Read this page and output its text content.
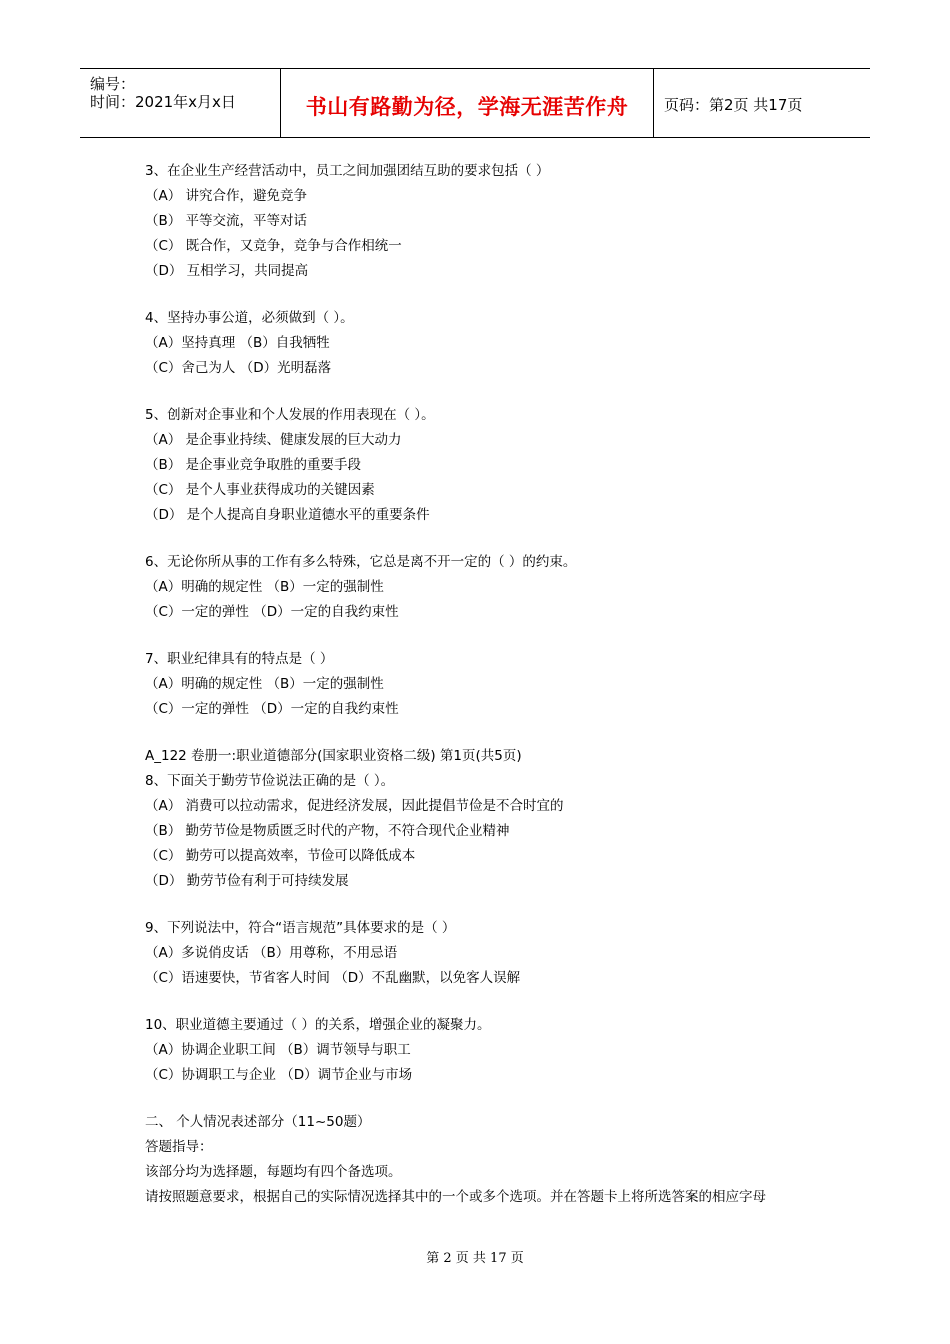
编号：
时间：2021年x月x日	书山有路勤为径，学海无涯苦作舟	页码：第2页 共17页
3、在企业生产经营活动中，员工之间加强团结互助的要求包括（ ）
（A） 讲究合作，避免竞争
（B） 平等交流，平等对话
（C） 既合作，又竞争，竞争与合作相统一
（D） 互相学习，共同提高
4、坚持办事公道，必须做到（ ）。
（A）坚持真理 （B）自我牺牲
（C）舍己为人 （D）光明磊落
5、创新对企事业和个人发展的作用表现在（ ）。
（A） 是企事业持续、健康发展的巨大动力
（B） 是企事业竞争取胜的重要手段
（C） 是个人事业获得成功的关键因素
（D） 是个人提高自身职业道德水平的重要条件
6、无论你所从事的工作有多么特殊，它总是离不开一定的（ ）的约束。
（A）明确的规定性 （B）一定的强制性
（C）一定的弹性 （D）一定的自我约束性
7、职业纪律具有的特点是（ ）
（A）明确的规定性 （B）一定的强制性
（C）一定的弹性 （D）一定的自我约束性
A_122 卷册一:职业道德部分(国家职业资格二级) 第1页(共5页)
8、下面关于勤劳节俭说法正确的是（ ）。
（A） 消费可以拉动需求，促进经济发展，因此提倡节俭是不合时宜的
（B） 勤劳节俭是物质匮乏时代的产物，不符合现代企业精神
（C） 勤劳可以提高效率，节俭可以降低成本
（D） 勤劳节俭有利于可持续发展
9、下列说法中，符合“语言规范”具体要求的是（ ）
（A）多说俏皮话 （B）用尊称，不用忌语
（C）语速要快，节省客人时间 （D）不乱幽默，以免客人误解
10、职业道德主要通过（ ）的关系，增强企业的凝聚力。
（A）协调企业职工间 （B）调节领导与职工
（C）协调职工与企业 （D）调节企业与市场
二、 个人情况表述部分（11~50题）
答题指导：
该部分均为选择题，每题均有四个备选项。
请按照题意要求，根据自己的实际情况选择其中的一个或多个选项。并在答题卡上将所选答案的相应字母
第 2 页 共 17 页
